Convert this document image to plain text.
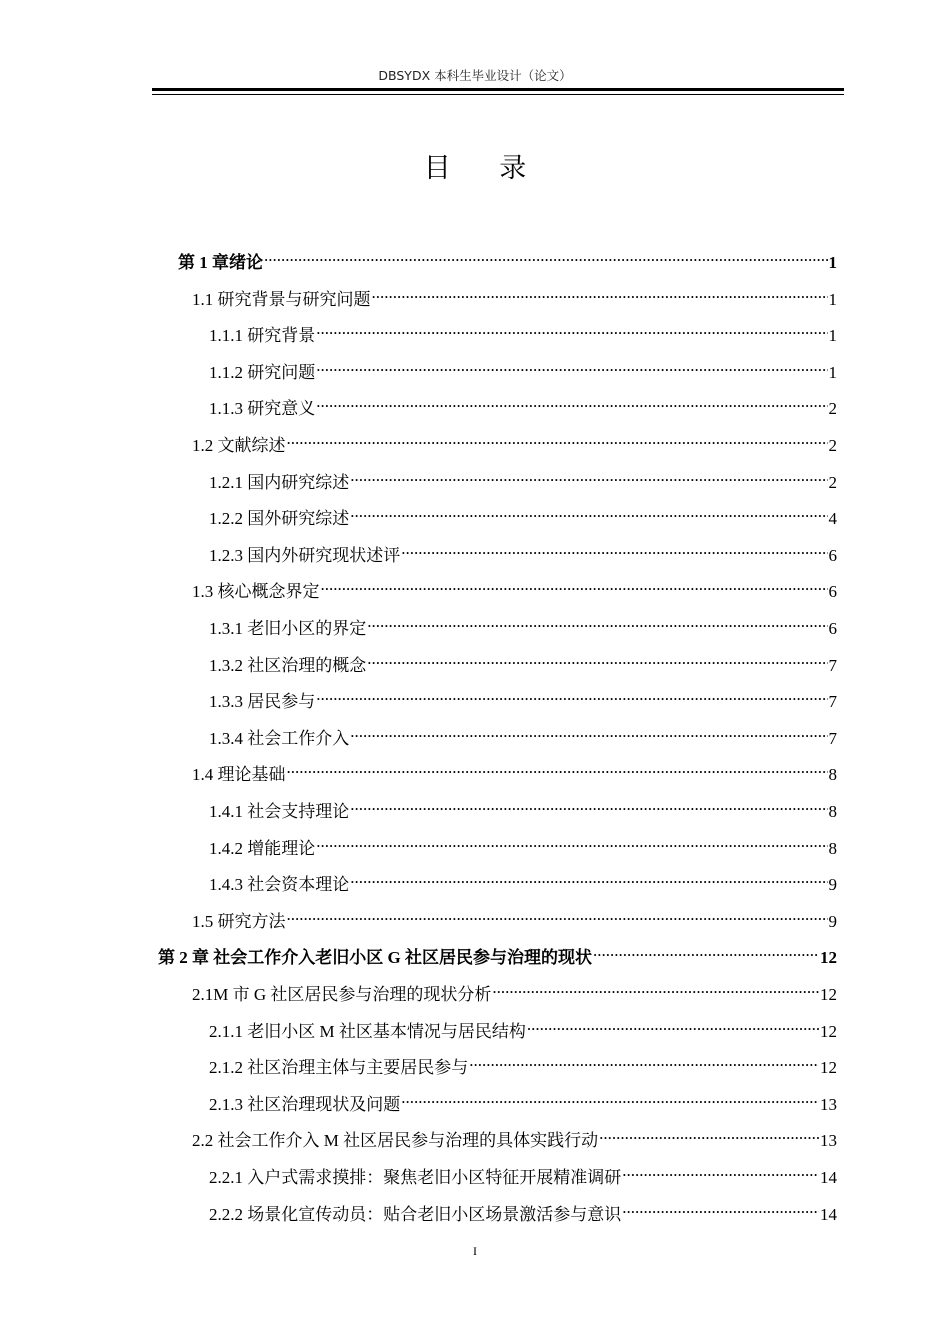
DBSYDX 本科生毕业设计（论文）
目 录
第 1 章绪论 .....	1
1.1 研究背景与研究问题 .....	1
1.1.1 研究背景 .....	1
1.1.2 研究问题 .....	1
1.1.3 研究意义 .....	2
1.2 文献综述 .....	2
1.2.1 国内研究综述 .....	2
1.2.2 国外研究综述 .....	4
1.2.3 国内外研究现状述评 .....	6
1.3 核心概念界定 .....	6
1.3.1 老旧小区的界定 .....	6
1.3.2 社区治理的概念 .....	7
1.3.3 居民参与 .....	7
1.3.4 社会工作介入 .....	7
1.4 理论基础 .....	8
1.4.1 社会支持理论 .....	8
1.4.2 增能理论 .....	8
1.4.3 社会资本理论 .....	9
1.5 研究方法 .....	9
第 2 章 社会工作介入老旧小区 G 社区居民参与治理的现状 .....	12
2.1M 市 G 社区居民参与治理的现状分析 .....	12
2.1.1 老旧小区 M 社区基本情况与居民结构 .....	12
2.1.2 社区治理主体与主要居民参与 .....	12
2.1.3 社区治理现状及问题 .....	13
2.2 社会工作介入 M 社区居民参与治理的具体实践行动 .....	13
2.2.1 入户式需求摸排：聚焦老旧小区特征开展精准调研 .....	14
2.2.2 场景化宣传动员：贴合老旧小区场景激活参与意识 .....	14
I
